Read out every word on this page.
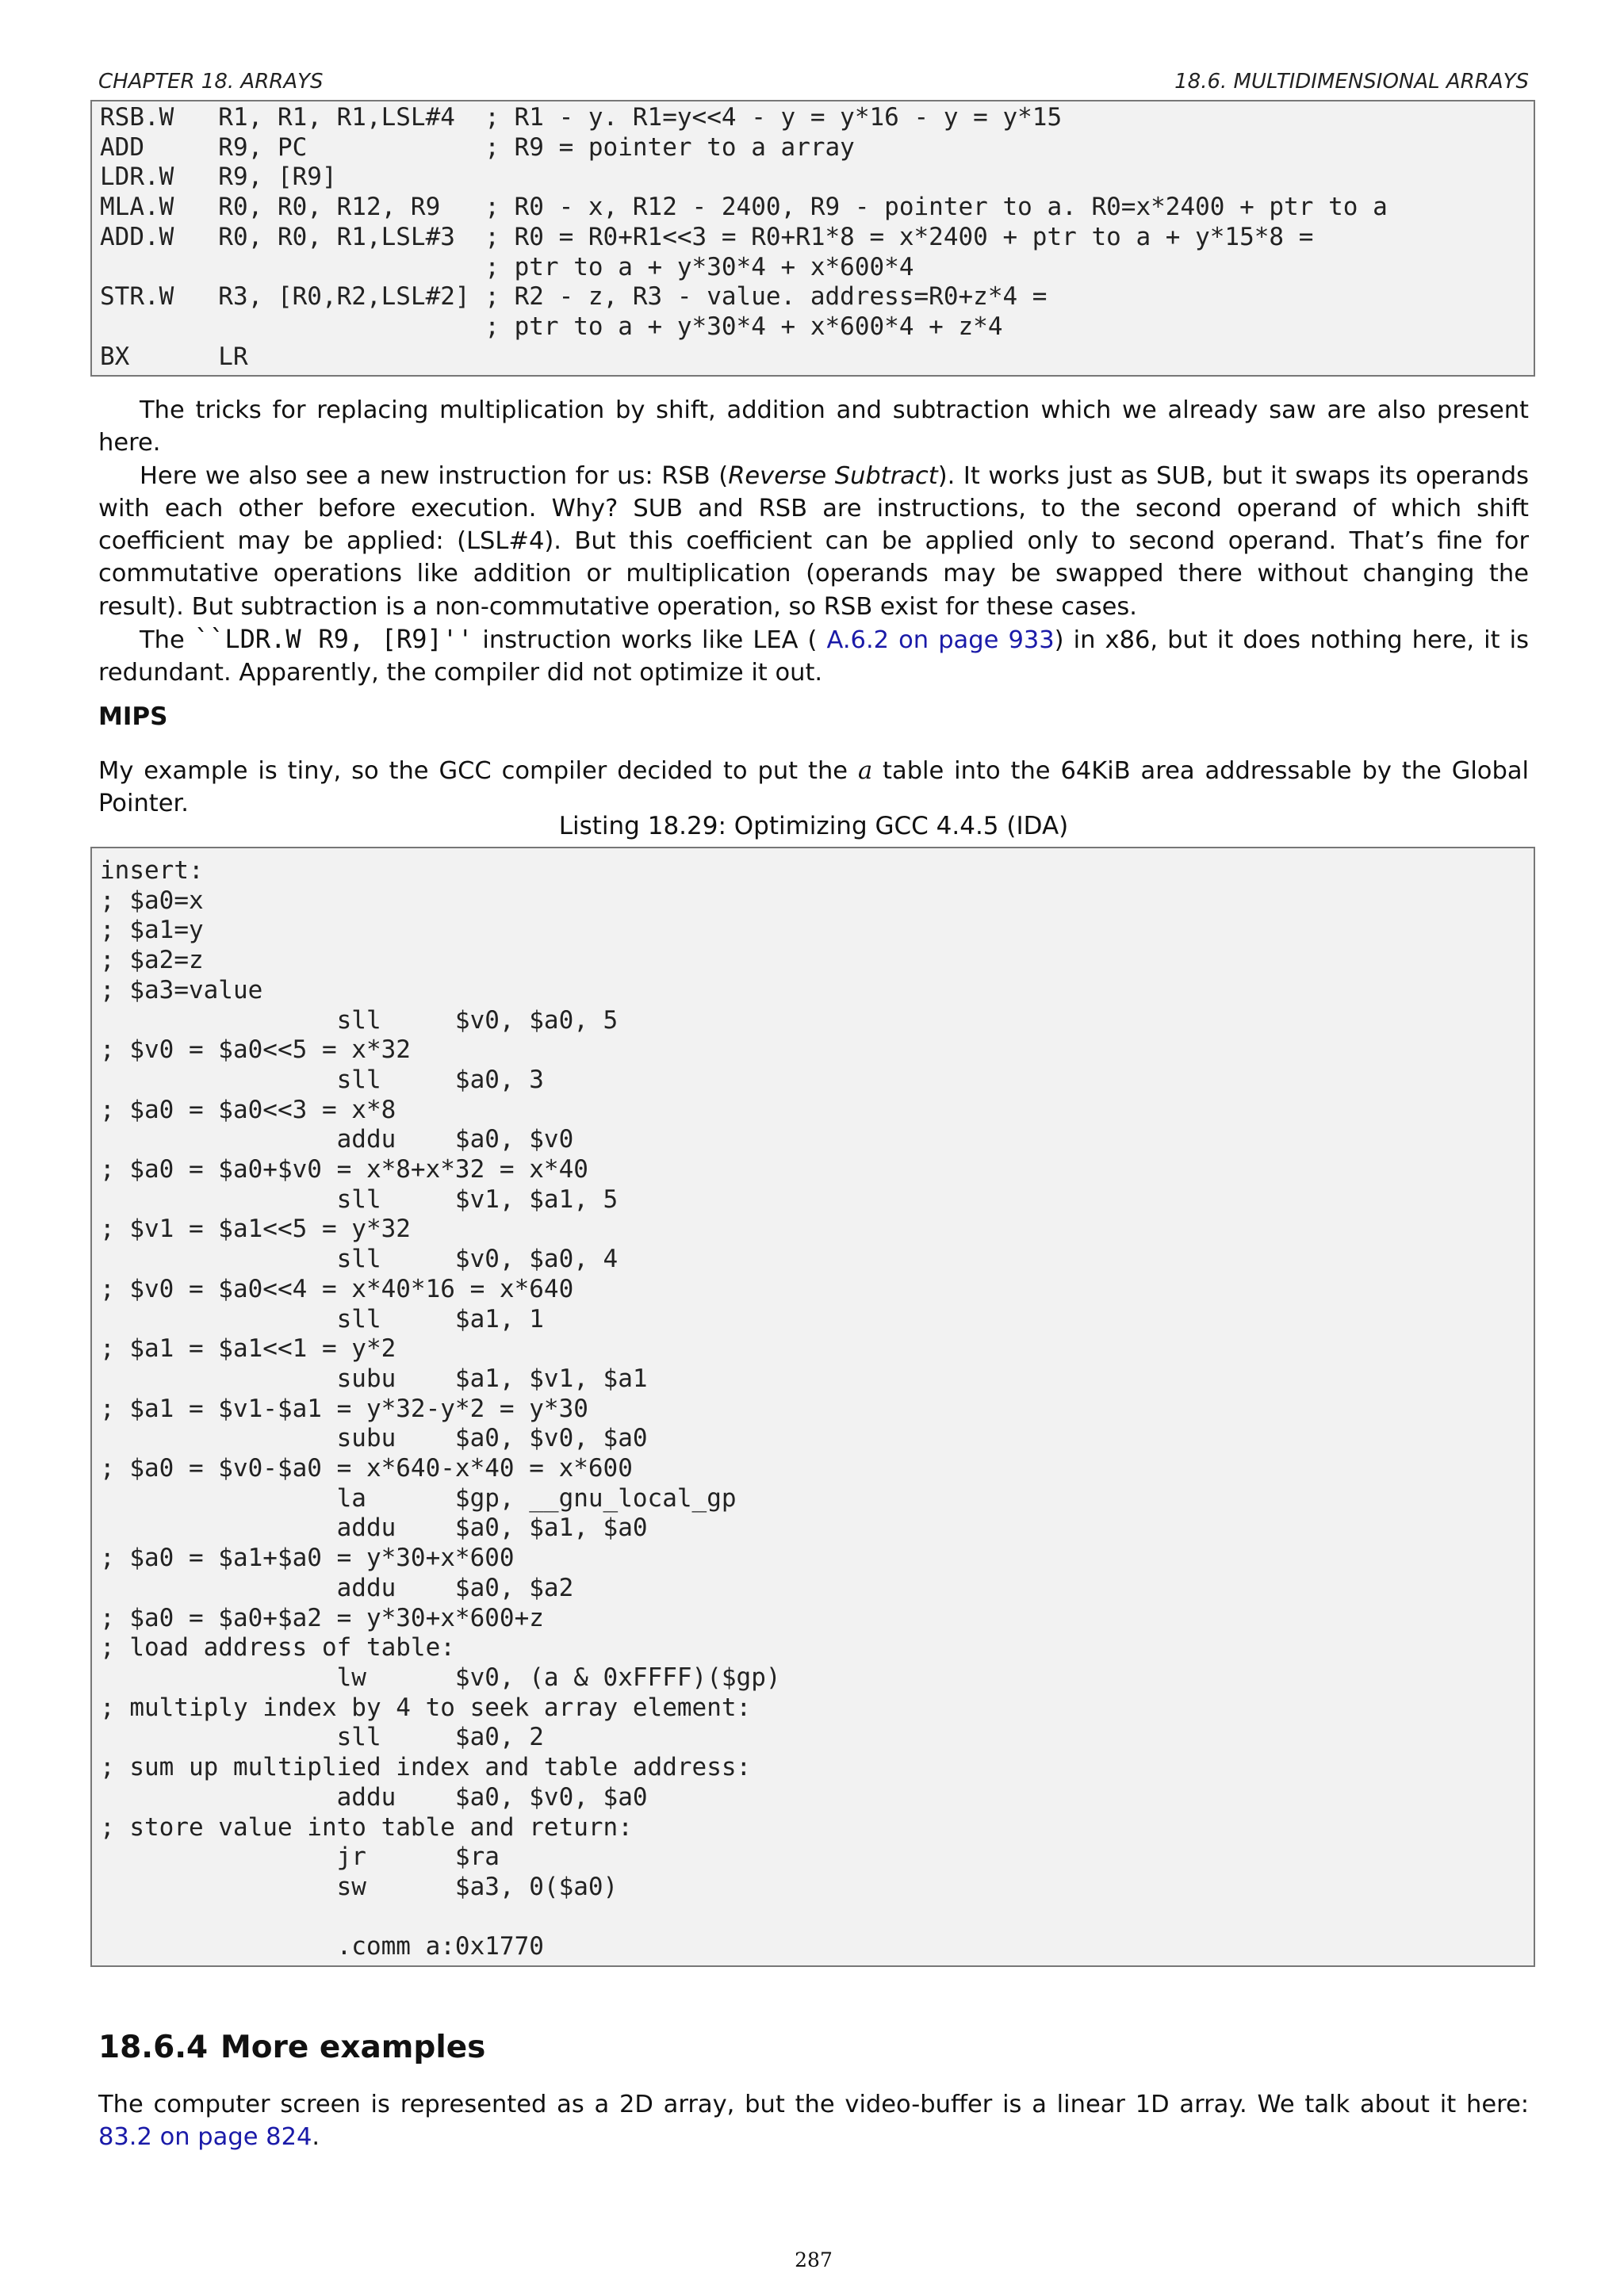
CHAPTER 18. ARRAYS	18.6. MULTIDIMENSIONAL ARRAYS
RSB.W   R1, R1, R1,LSL#4  ; R1 - y. R1=y<<4 - y = y*16 - y = y*15
ADD     R9, PC            ; R9 = pointer to a array
LDR.W   R9, [R9]
MLA.W   R0, R0, R12, R9   ; R0 - x, R12 - 2400, R9 - pointer to a. R0=x*2400 + ptr to a
ADD.W   R0, R0, R1,LSL#3  ; R0 = R0+R1<<3 = R0+R1*8 = x*2400 + ptr to a + y*15*8 =
; ptr to a + y*30*4 + x*600*4
STR.W   R3, [R0,R2,LSL#2] ; R2 - z, R3 - value. address=R0+z*4 =
; ptr to a + y*30*4 + x*600*4 + z*4
BX      LR

The tricks for replacing multiplication by shift, addition and subtraction which we already saw are also present here.

Here we also see a new instruction for us: RSB (Reverse Subtract). It works just as SUB, but it swaps its operands with each other before execution. Why? SUB and RSB are instructions, to the second operand of which shift coefficient may be applied: (LSL#4). But this coefficient can be applied only to second operand. That’s fine for commutative operations like addition or multiplication (operands may be swapped there without changing the result). But subtraction is a non-commutative operation, so RSB exist for these cases.

The ``LDR.W R9, [R9]'' instruction works like LEA ( A.6.2 on page 933) in x86, but it does nothing here, it is redundant. Apparently, the compiler did not optimize it out.

MIPS

My example is tiny, so the GCC compiler decided to put the a table into the 64KiB area addressable by the Global Pointer.

Listing 18.29: Optimizing GCC 4.4.5 (IDA)
insert:
; $a0=x
; $a1=y
; $a2=z
; $a3=value
sll     $v0, $a0, 5
; $v0 = $a0<<5 = x*32
sll     $a0, 3
; $a0 = $a0<<3 = x*8
addu    $a0, $v0
; $a0 = $a0+$v0 = x*8+x*32 = x*40
sll     $v1, $a1, 5
; $v1 = $a1<<5 = y*32
sll     $v0, $a0, 4
; $v0 = $a0<<4 = x*40*16 = x*640
sll     $a1, 1
; $a1 = $a1<<1 = y*2
subu    $a1, $v1, $a1
; $a1 = $v1-$a1 = y*32-y*2 = y*30
subu    $a0, $v0, $a0
; $a0 = $v0-$a0 = x*640-x*40 = x*600
la      $gp, __gnu_local_gp
addu    $a0, $a1, $a0
; $a0 = $a1+$a0 = y*30+x*600
addu    $a0, $a2
; $a0 = $a0+$a2 = y*30+x*600+z
; load address of table:
lw      $v0, (a & 0xFFFF)($gp)
; multiply index by 4 to seek array element:
sll     $a0, 2
; sum up multiplied index and table address:
addu    $a0, $v0, $a0
; store value into table and return:
jr      $ra
sw      $a3, 0($a0)

.comm a:0x1770
18.6.4 More examples

The computer screen is represented as a 2D array, but the video-buffer is a linear 1D array. We talk about it here: 83.2 on page 824.

287
